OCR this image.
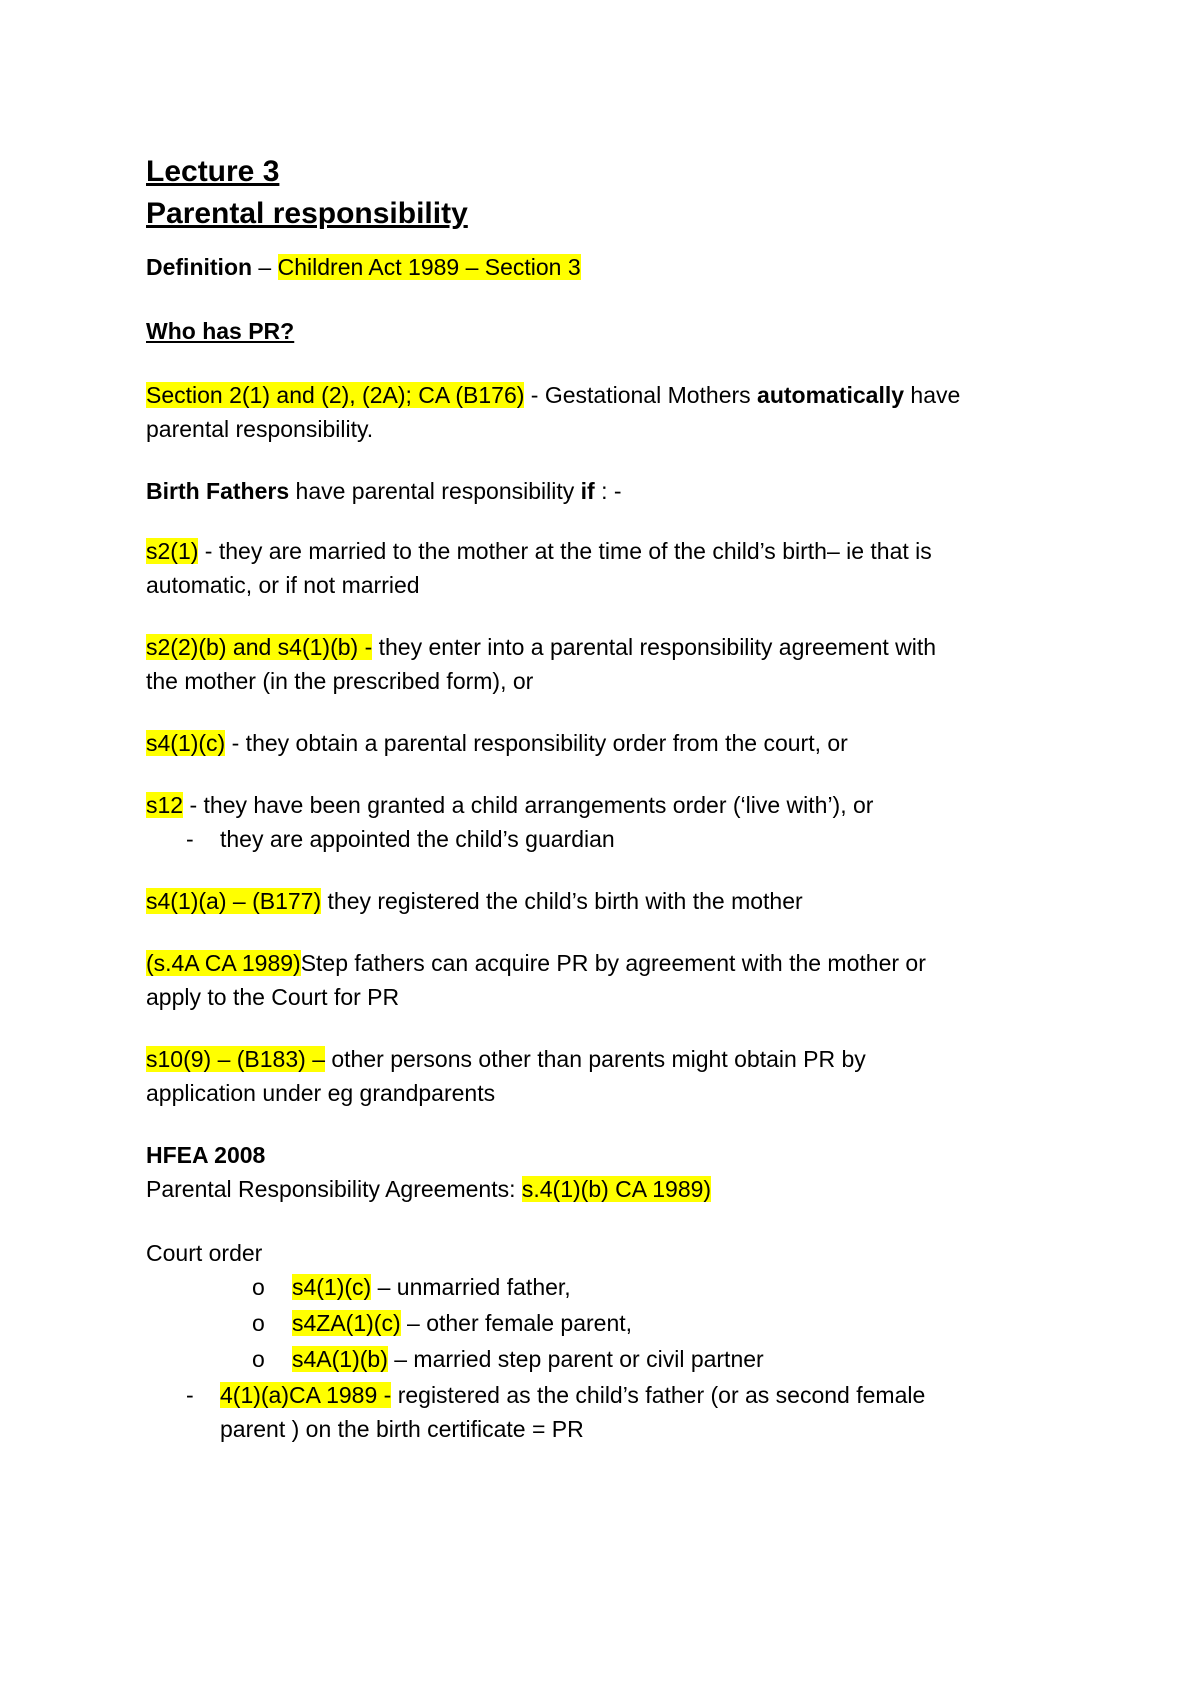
Lecture 3
Parental responsibility
Definition – Children Act 1989 – Section 3
Who has PR?
Section 2(1) and (2), (2A); CA (B176) - Gestational Mothers automatically have
parental responsibility.
Birth Fathers have parental responsibility if : -
s2(1) - they are married to the mother at the time of the child’s birth– ie that is
automatic, or if not married
s2(2)(b) and s4(1)(b) - they enter into a parental responsibility agreement with
the mother (in the prescribed form), or
s4(1)(c) - they obtain a parental responsibility order from the court, or
s12 - they have been granted a child arrangements order (‘live with’), or
- they are appointed the child’s guardian
s4(1)(a) – (B177) they registered the child’s birth with the mother
(s.4A CA 1989)Step fathers can acquire PR by agreement with the mother or
apply to the Court for PR
s10(9) – (B183) – other persons other than parents might obtain PR by
application under eg grandparents
HFEA 2008
Parental Responsibility Agreements: s.4(1)(b) CA 1989)
Court order
o s4(1)(c) – unmarried father,
o s4ZA(1)(c) – other female parent,
o s4A(1)(b) – married step parent or civil partner
- 4(1)(a)CA 1989 - registered as the child’s father (or as second female
parent ) on the birth certificate = PR
